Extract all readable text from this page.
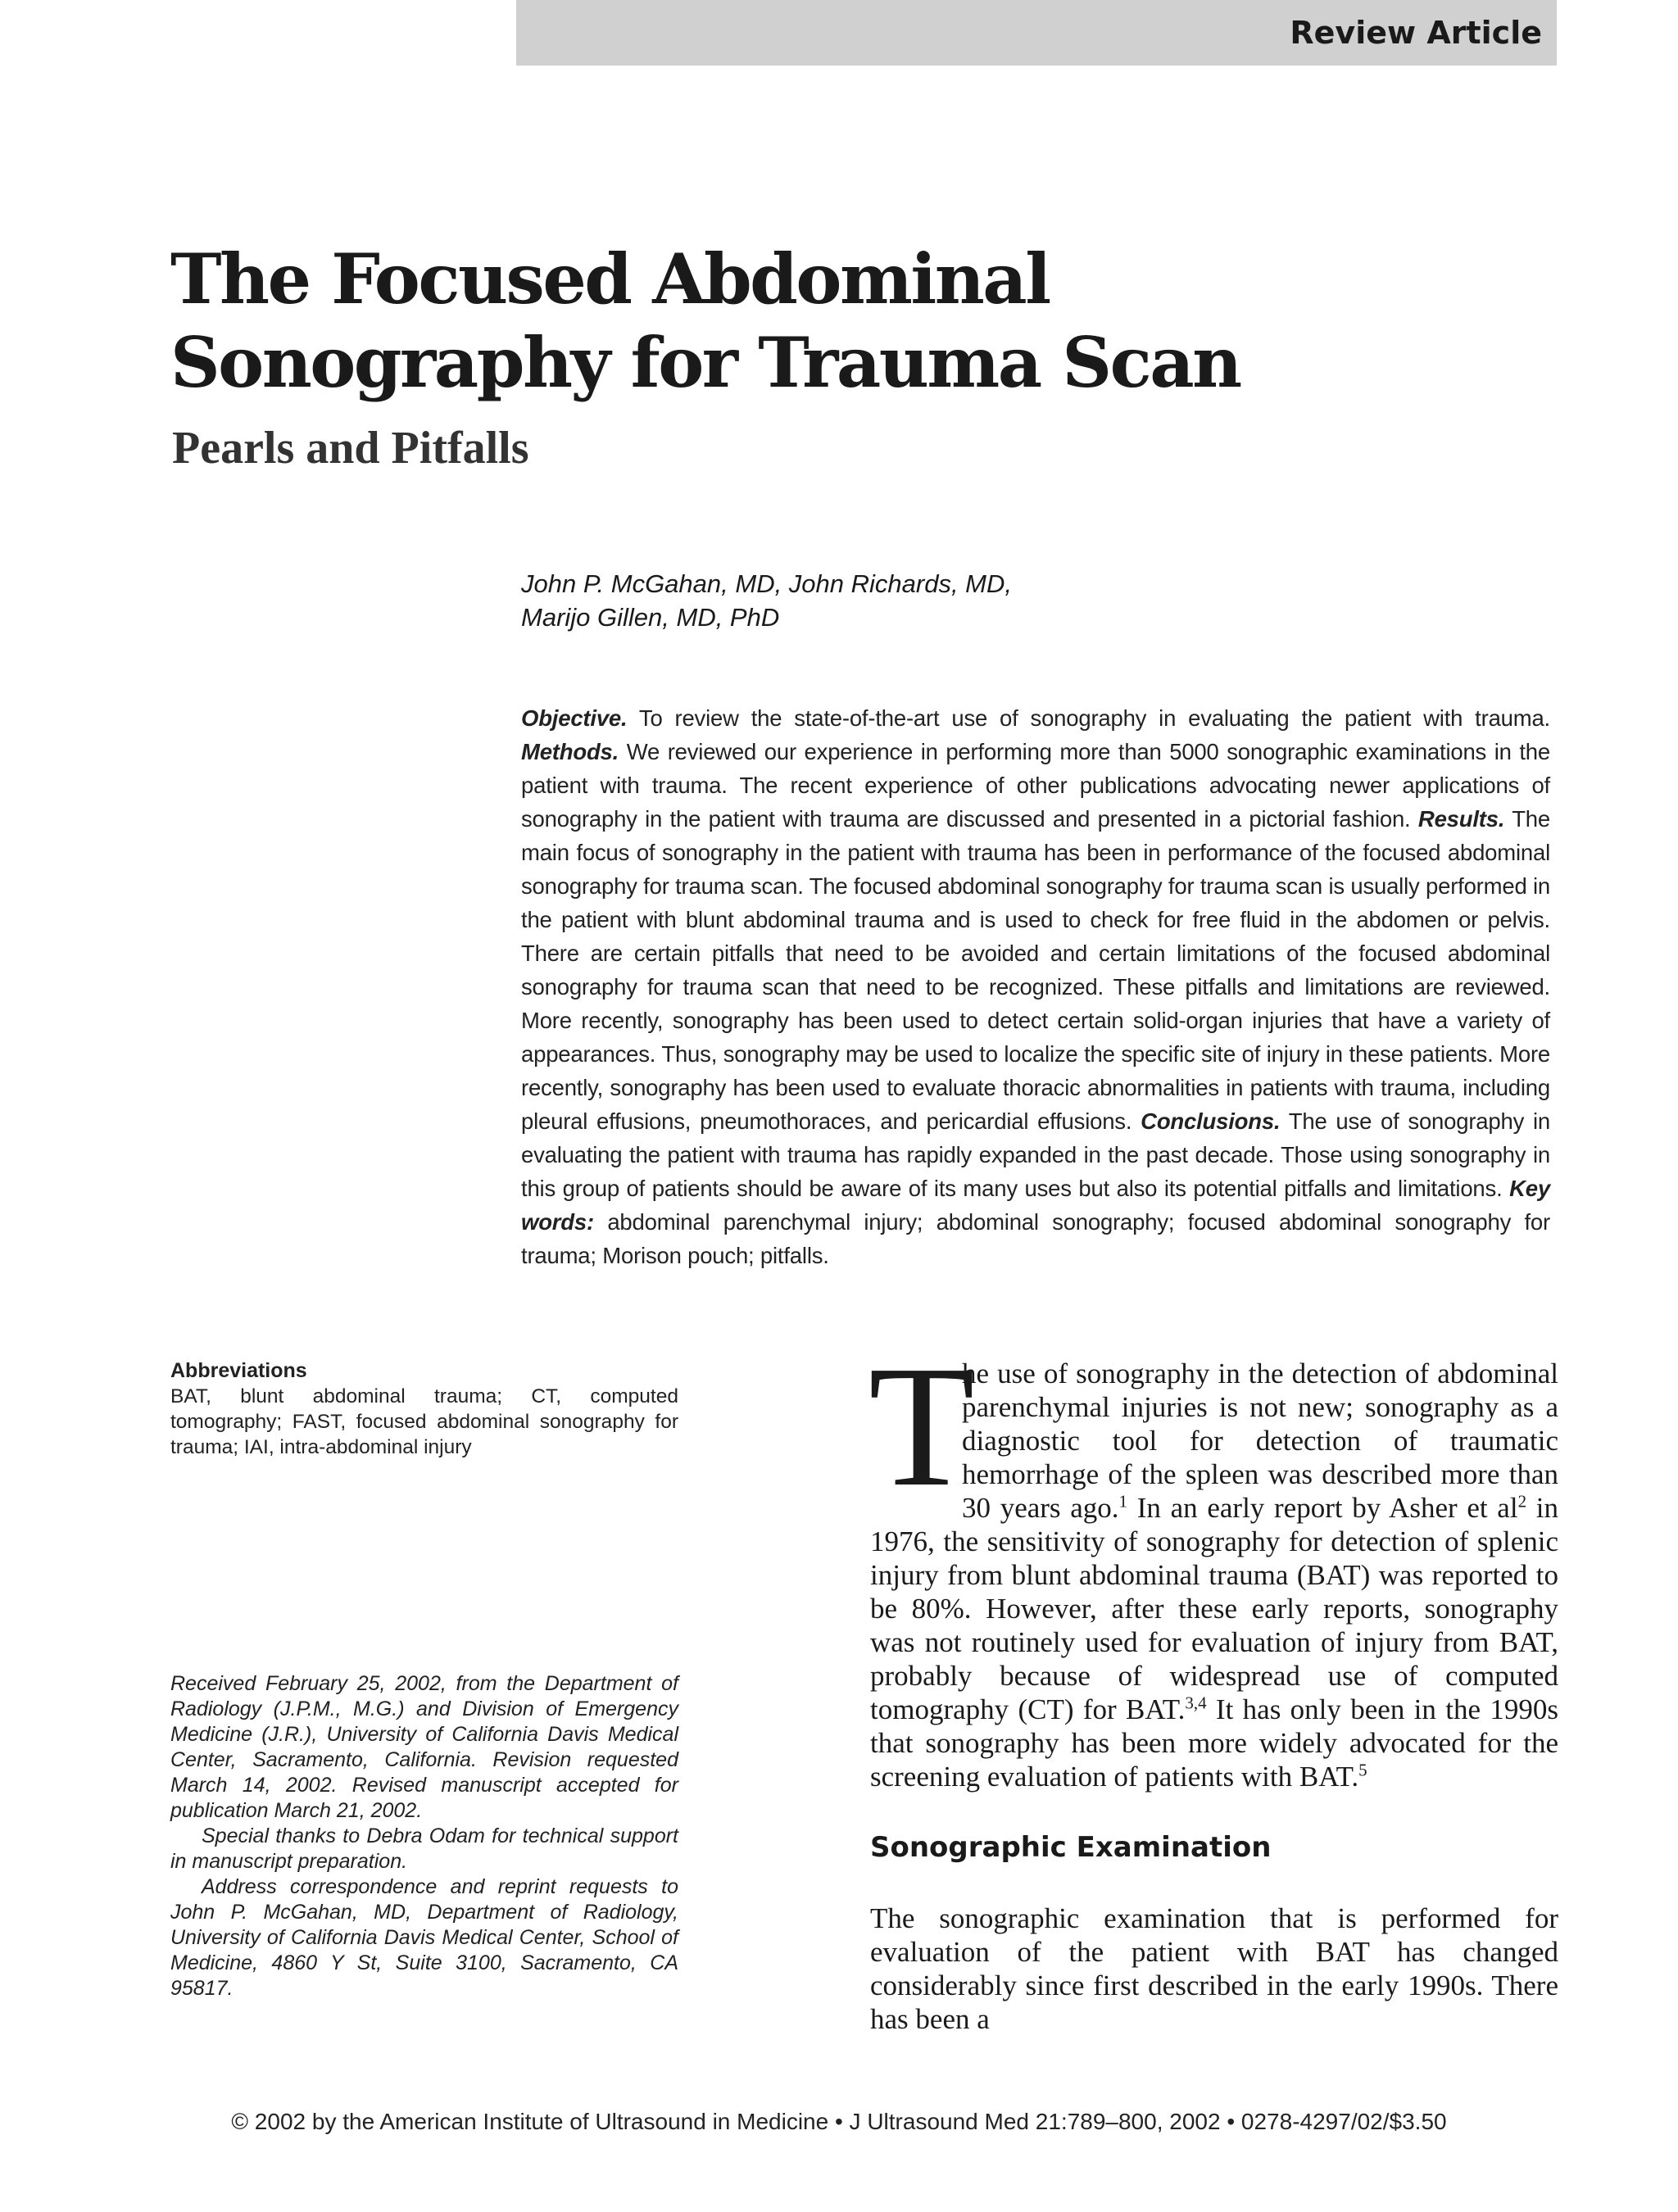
Review Article
The Focused Abdominal
Sonography for Trauma Scan
Pearls and Pitfalls
John P. McGahan, MD, John Richards, MD,
Marijo Gillen, MD, PhD
Objective. To review the state-of-the-art use of sonography in evaluating the patient with trauma. Methods. We reviewed our experience in performing more than 5000 sonographic examinations in the patient with trauma. The recent experience of other publications advocating newer applications of sonography in the patient with trauma are discussed and presented in a pictorial fashion. Results. The main focus of sonography in the patient with trauma has been in performance of the focused abdominal sonography for trauma scan. The focused abdominal sonography for trauma scan is usually performed in the patient with blunt abdominal trauma and is used to check for free fluid in the abdomen or pelvis. There are certain pitfalls that need to be avoided and certain limitations of the focused abdominal sonography for trauma scan that need to be recognized. These pitfalls and limitations are reviewed. More recently, sonography has been used to detect certain solid-organ injuries that have a variety of appearances. Thus, sonography may be used to localize the specific site of injury in these patients. More recently, sonography has been used to evaluate thoracic abnormalities in patients with trauma, including pleural effusions, pneumothoraces, and pericardial effusions. Conclusions. The use of sonography in evaluating the patient with trauma has rapidly expanded in the past decade. Those using sonography in this group of patients should be aware of its many uses but also its potential pitfalls and limitations. Key words: abdominal parenchymal injury; abdominal sonography; focused abdominal sonography for trauma; Morison pouch; pitfalls.
Abbreviations
BAT, blunt abdominal trauma; CT, computed tomography; FAST, focused abdominal sonography for trauma; IAI, intra-abdominal injury

Received February 25, 2002, from the Department of Radiology (J.P.M., M.G.) and Division of Emergency Medicine (J.R.), University of California Davis Medical Center, Sacramento, California. Revision requested March 14, 2002. Revised manuscript accepted for publication March 21, 2002.

Special thanks to Debra Odam for technical support in manuscript preparation.

Address correspondence and reprint requests to John P. McGahan, MD, Department of Radiology, University of California Davis Medical Center, School of Medicine, 4860 Y St, Suite 3100, Sacramento, CA 95817.

T
he use of sonography in the detection of abdominal parenchymal injuries is not new; sonography as a diagnostic tool for detection of traumatic hemorrhage of the spleen was described more than 30 years ago.$^1$ In an early report by Asher et $al^2$ in 1976, the sensitivity of sonography for detection of splenic injury from blunt abdominal trauma (BAT) was reported to be 80%. However, after these early reports, sonography was not routinely used for evaluation of injury from BAT, probably because of widespread use of computed tomography (CT) for BAT.$^{3,4}$ It has only been in the 1990s that sonography has been more widely advocated for the screening evaluation of patients with BAT.$^5$

Sonographic Examination

The sonographic examination that is performed for evaluation of the patient with BAT has changed considerably since first described in the early 1990s. There has been a

© 2002 by the American Institute of Ultrasound in Medicine • J Ultrasound Med 21:789–800, 2002 • 0278-4297/02/$3.50
